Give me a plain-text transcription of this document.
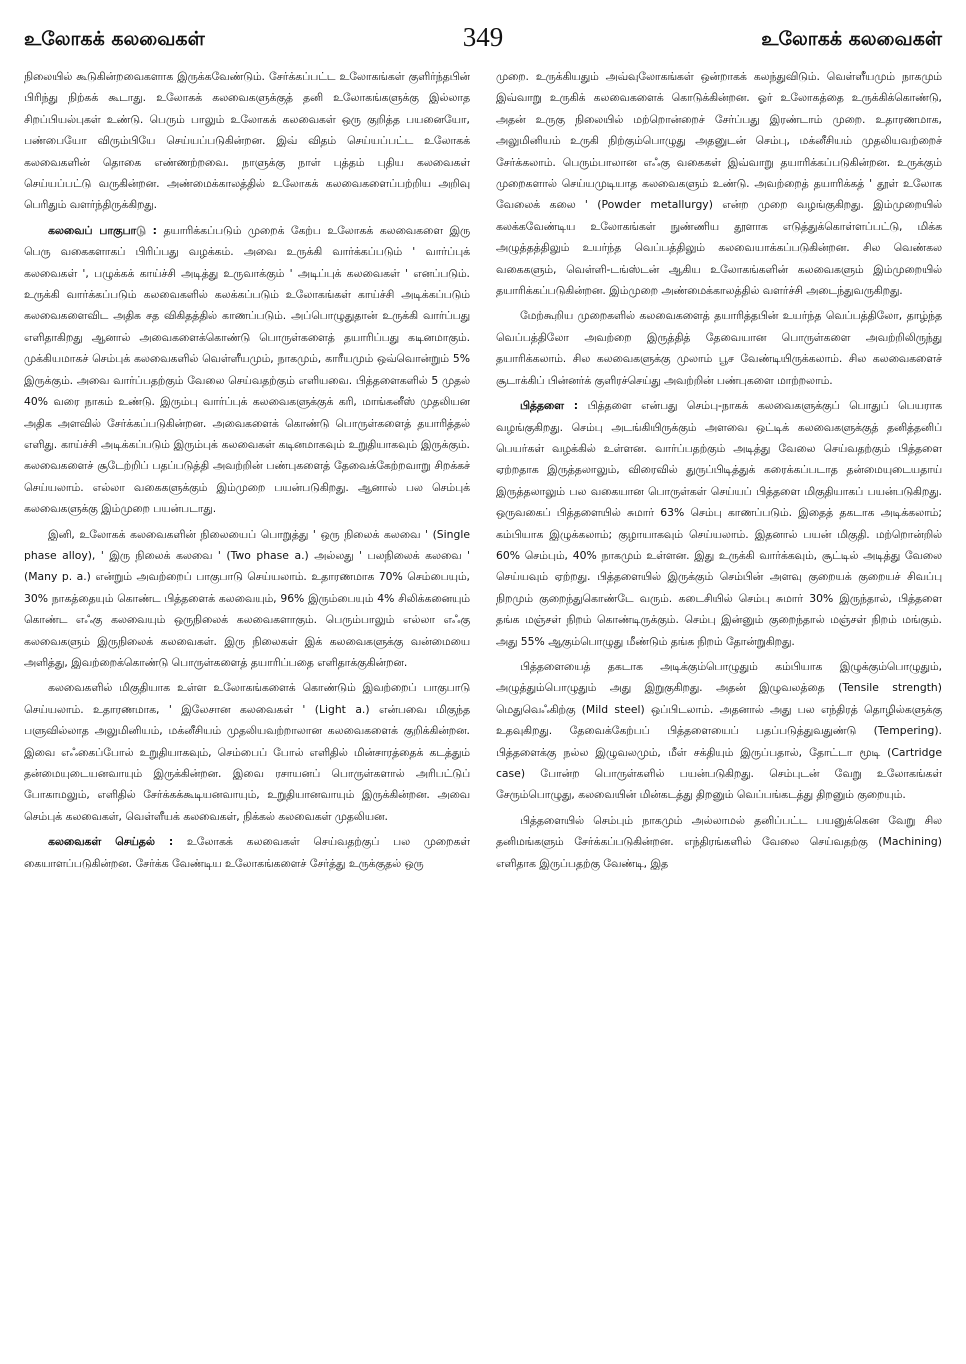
உலோகக் கலவைகள்	349	உலோகக் கலவைகள்

நிலையில் கூடுகின்றவைகளாக இருக்கவேண்டும். சேர்க்கப்பட்ட உலோகங்கள் குளிர்ந்தபின் பிரிந்து நிற்கக் கூடாது. உலோகக் கலவைகளுக்குத் தனி உலோகங்களுக்கு இல்லாத சிறப்பியல்புகள் உண்டு. பெரும் பாலும் உலோகக் கலவைகள் ஒரு குறித்த பயனையோ, பண்பையோ விரும்பியே செய்யப்படுகின்றன. இவ் விதம் செய்யப்பட்ட உலோகக் கலவைகளின் தொகை எண்ணற்றவை. நாளுக்கு நாள் புத்தம் புதிய கலவைகள் செய்யப்பட்டு வருகின்றன. அண்மைக்காலத்தில் உலோகக் கலவைகளைப்பற்றிய அறிவு பெரிதும் வளர்ந்திருக்கிறது.

கலவைப் பாகுபாடு : தயாரிக்கப்படும் முறைக் கேற்ப உலோகக் கலவைகளை இரு பெரு வகைகளாகப் பிரிப்பது வழக்கம். அவை உருக்கி வார்க்கப்படும் ' வார்ப்புக் கலவைகள் ', பழுக்கக் காய்ச்சி அடித்து உருவாக்கும் ' அடிப்புக் கலவைகள் ' எனப்படும். உருக்கி வார்க்கப்படும் கலவைகளில் கலக்கப்படும் உலோகங்கள் காய்ச்சி அடிக்கப்படும் கலவைகளைவிட அதிக சத விகிதத்தில் காணப்படும். அப்பொழுதுதான் உருக்கி வார்ப்பது எளிதாகிறது ஆனால் அவைகளைக்கொண்டு பொருள்களைத் தயாரிப்பது கடினமாகும். முக்கியமாகச் செம்புக் கலவைகளில் வெள்ளீயமும், நாகமும், காரீயமும் ஒவ்வொன்றும் 5% இருக்கும். அவை வார்ப்பதற்கும் வேலை செய்வதற்கும் எளியவை. பித்தளைகளில் 5 முதல் 40% வரை நாகம் உண்டு. இரும்பு வார்ப்புக் கலவைகளுக்குக் கரி, மாங்கனீஸ் முதலியன அதிக அளவில் சேர்க்கப்படுகின்றன. அவைகளைக் கொண்டு பொருள்களைத் தயாரித்தல் எளிது. காய்ச்சி அடிக்கப்படும் இரும்புக் கலவைகள் கடினமாகவும் உறுதியாகவும் இருக்கும். கலவைகளைச் சூடேற்றிப் பதப்படுத்தி அவற்றின் பண்புகளைத் தேவைக்கேற்றவாறு சிறக்கச் செய்யலாம். எல்லா வகைகளுக்கும் இம்முறை பயன்படுகிறது. ஆனால் பல செம்புக் கலவைகளுக்கு இம்முறை பயன்படாது.

இனி, உலோகக் கலவைகளின் நிலையைப் பொறுத்து ' ஒரு நிலைக் கலவை ' (Single phase alloy), ' இரு நிலைக் கலவை ' (Two phase a.) அல்லது ' பலநிலைக் கலவை ' (Many p. a.) என்றும் அவற்றைப் பாகுபாடு செய்யலாம். உதாரணமாக 70% செம்பையும், 30% நாகத்தையும் கொண்ட பித்தளைக் கலவையும், 96% இரும்பையும் 4% சிலிக்கனையும் கொண்ட எஃகு கலவையும் ஒருநிலைக் கலவைகளாகும். பெரும்பாலும் எல்லா எஃகு கலவைகளும் இருநிலைக் கலவைகள். இரு நிலைகள் இக் கலவைகளுக்கு வன்மையை அளித்து, இவற்றைக்கொண்டு பொருள்களைத் தயாரிப்பதை எளிதாக்குகின்றன.

கலவைகளில் மிகுதியாக உள்ள உலோகங்களைக் கொண்டும் இவற்றைப் பாகுபாடு செய்யலாம். உதாரணமாக, ' இலேசான கலவைகள் ' (Light a.) என்பவை மிகுந்த பளுவில்லாத அலுமினியம், மக்னீசியம் முதலியவற்றாலான கலவைகளைக் குறிக்கின்றன. இவை எஃகைப்போல் உறுதியாகவும், செம்பைப் போல் எளிதில் மின்சாரத்தைக் கடத்தும் தன்மையுடையனவாயும் இருக்கின்றன. இவை ரசாயனப் பொருள்களால் அரிபட்டுப் போகாமலும், எளிதில் சேர்க்கக்கூடியனவாயும், உறுதியானவாயும் இருக்கின்றன. அவை செம்புக் கலவைகள், வெள்ளீயக் கலவைகள், நிக்கல் கலவைகள் முதலியன.

கலவைகள் செய்தல் : உலோகக் கலவைகள் செய்வதற்குப் பல முறைகள் கையாளப்படுகின்றன. சேர்க்க வேண்டிய உலோகங்களைச் சேர்த்து உருக்குதல் ஒரு

முறை. உருக்கியதும் அவ்வுலோகங்கள் ஒன்றாகக் கலந்துவிடும். வெள்ளீயமும் நாகமும் இவ்வாறு உருகிக் கலவைகளைக் கொடுக்கின்றன. ஓர் உலோகத்தை உருக்கிக்கொண்டு, அதன் உருகு நிலையில் மற்றொன்றைச் சேர்ப்பது இரண்டாம் முறை. உதாரணமாக, அலுமினியம் உருகி நிற்கும்பொழுது அதனுடன் செம்பு, மக்னீசியம் முதலியவற்றைச் சேர்க்கலாம். பெரும்பாலான எஃகு வகைகள் இவ்வாறு தயாரிக்கப்படுகின்றன. உருக்கும் முறைகளால் செய்யமுடியாத கலவைகளும் உண்டு. அவற்றைத் தயாரிக்கத் ' தூள் உலோக வேலைக் கலை ' (Powder metallurgy) என்ற முறை வழங்குகிறது. இம்முறையில் கலக்கவேண்டிய உலோகங்கள் நுண்ணிய தூளாக எடுத்துக்கொள்ளப்பட்டு, மிக்க அழுத்தத்திலும் உயர்ந்த வெப்பத்திலும் கலவையாக்கப்படுகின்றன. சில வெண்கல வகைகளும், வெள்ளி-டங்ஸ்டன் ஆகிய உலோகங்களின் கலவைகளும் இம்முறையில் தயாரிக்கப்படுகின்றன. இம்முறை அண்மைக்காலத்தில் வளர்ச்சி அடைந்துவருகிறது.

மேற்கூறிய முறைகளில் கலவைகளைத் தயாரித்தபின் உயர்ந்த வெப்பத்திலோ, தாழ்ந்த வெப்பத்திலோ அவற்றை இருத்தித் தேவையான பொருள்களை அவற்றிலிருந்து தயாரிக்கலாம். சில கலவைகளுக்கு முலாம் பூச வேண்டியிருக்கலாம். சில கலவைகளைச் சூடாக்கிப் பின்னர்க் குளிரச்செய்து அவற்றின் பண்புகளை மாற்றலாம்.

பித்தளை : பித்தளை என்பது செம்பு-நாகக் கலவைகளுக்குப் பொதுப் பெயராக வழங்குகிறது. செம்பு அடங்கியிருக்கும் அளவை ஒட்டிக் கலவைகளுக்குத் தனித்தனிப் பெயர்கள் வழக்கில் உள்ளன. வார்ப்பதற்கும் அடித்து வேலை செய்வதற்கும் பித்தளை ஏற்றதாக இருத்தலாலும், விரைவில் துருப்பிடித்துக் கரைக்கப்படாத தன்மையுடையதாய் இருத்தலாலும் பல வகையான பொருள்கள் செய்யப் பித்தளை மிகுதியாகப் பயன்படுகிறது. ஒருவகைப் பித்தளையில் சுமார் 63% செம்பு காணப்படும். இதைத் தகடாக அடிக்கலாம்; கம்பியாக இழுக்கலாம்; குழாயாகவும் செய்யலாம். இதனால் பயன் மிகுதி. மற்றொன்றில் 60% செம்பும், 40% நாகமும் உள்ளன. இது உருக்கி வார்க்கவும், சூட்டில் அடித்து வேலை செய்யவும் ஏற்றது. பித்தளையில் இருக்கும் செம்பின் அளவு குறையக் குறையச் சிவப்பு நிறமும் குறைந்துகொண்டே வரும். கடைசியில் செம்பு சுமார் 30% இருந்தால், பித்தளை தங்க மஞ்சள் நிறம் கொண்டிருக்கும். செம்பு இன்னும் குறைந்தால் மஞ்சள் நிறம் மங்கும். அது 55% ஆகும்பொழுது மீண்டும் தங்க நிறம் தோன்றுகிறது.

பித்தளையைத் தகடாக அடிக்கும்பொழுதும் கம்பியாக இழுக்கும்பொழுதும், அழுத்தும்பொழுதும் அது இறுகுகிறது. அதன் இழுவலத்தை (Tensile strength) மெதுவெஃகிற்கு (Mild steel) ஒப்பிடலாம். அதனால் அது பல எந்திரத் தொழில்களுக்கு உதவுகிறது. தேவைக்கேற்பப் பித்தளையைப் பதப்படுத்துவதுண்டு (Tempering). பித்தளைக்கு நல்ல இழுவலமும், மீள் சக்தியும் இருப்பதால், தோட்டா மூடி (Cartridge case) போன்ற பொருள்களில் பயன்படுகிறது. செம்புடன் வேறு உலோகங்கள் சேரும்பொழுது, கலவையின் மின்கடத்து திறனும் வெப்பங்கடத்து திறனும் குறையும்.

பித்தளையில் செம்பும் நாகமும் அல்லாமல் தனிப்பட்ட பயனுக்கென வேறு சில தனிமங்களும் சேர்க்கப்படுகின்றன. எந்திரங்களில் வேலை செய்வதற்கு (Machining) எளிதாக இருப்பதற்கு வேண்டி, இத
